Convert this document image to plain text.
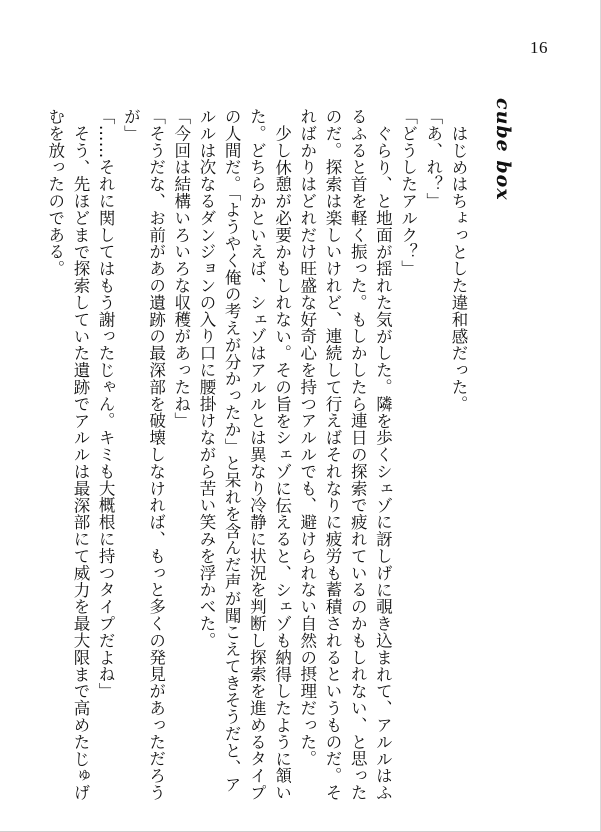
16
cube box

はじめはちょっとした違和感だった。

「あ、れ？」

「どうしたアルク？」

ぐらり、と地面が揺れた気がした。隣を歩くシェゾに訝しげに覗き込まれて、アルルはふるふると首を軽く振った。もしかしたら連日の探索で疲れているのかもしれない、と思ったのだ。探索は楽しいけれど、連続して行えばそれなりに疲労も蓄積されるというものだ。そればかりはどれだけ旺盛な好奇心を持つアルルでも、避けられない自然の摂理だった。

少し休憩が必要かもしれない。その旨をシェゾに伝えると、シェゾも納得したように頷いた。どちらかといえば、シェゾはアルルとは異なり冷静に状況を判断し探索を進めるタイプの人間だ。「ようやく俺の考えが分かったか」と呆れを含んだ声が聞こえてきそうだと、アルルは次なるダンジョンの入り口に腰掛けながら苦い笑みを浮かべた。

「今回は結構いろいろな収穫があったね」

「そうだな、お前があの遺跡の最深部を破壊しなければ、もっと多くの発見があっただろうが」

「……それに関してはもう謝ったじゃん。キミも大概根に持つタイプだよね」

そう、先ほどまで探索していた遺跡でアルルは最深部にて威力を最大限まで高めたじゅげむを放ったのである。
